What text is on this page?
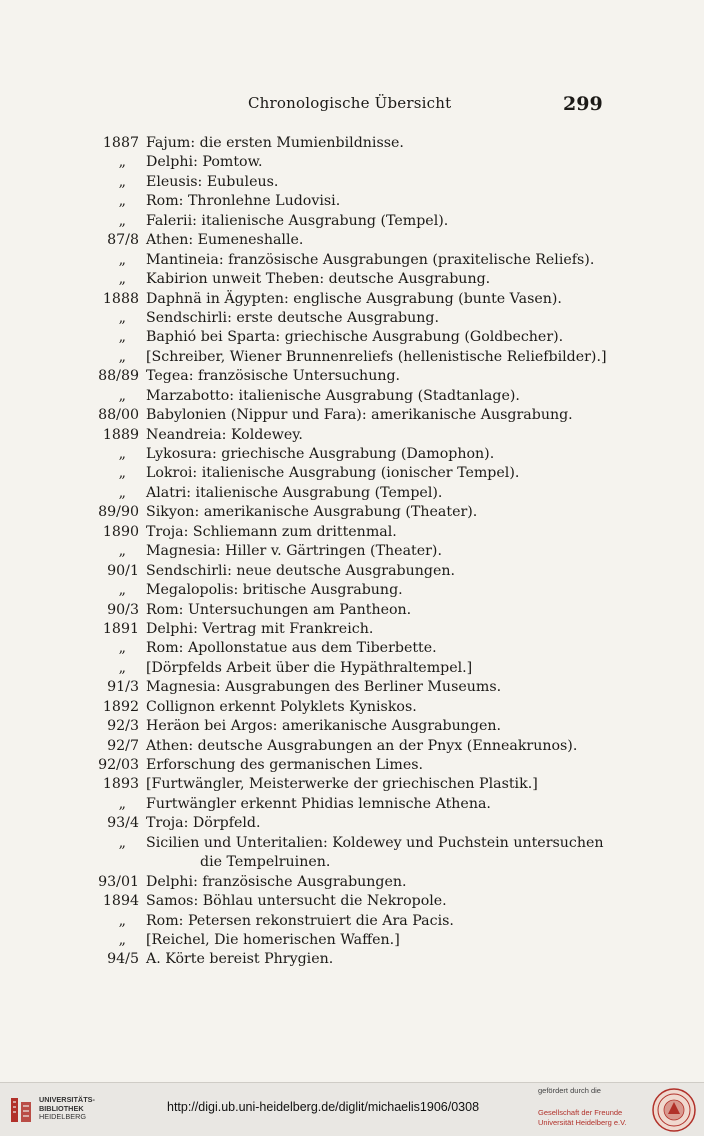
Chronologische Übersicht	299
1887 Fajum: die ersten Mumienbildnisse.
„ Delphi: Pomtow.
„ Eleusis: Eubuleus.
„ Rom: Thronlehne Ludovisi.
„ Falerii: italienische Ausgrabung (Tempel).
87/8 Athen: Eumeneshalle.
„ Mantineia: französische Ausgrabungen (praxitelische Reliefs).
„ Kabirion unweit Theben: deutsche Ausgrabung.
1888 Daphnä in Ägypten: englische Ausgrabung (bunte Vasen).
„ Sendschirli: erste deutsche Ausgrabung.
„ Baphió bei Sparta: griechische Ausgrabung (Goldbecher).
„ [Schreiber, Wiener Brunnenreliefs (hellenistische Reliefbilder).]
88/89 Tegea: französische Untersuchung.
„ Marzabotto: italienische Ausgrabung (Stadtanlage).
88/00 Babylonien (Nippur und Fara): amerikanische Ausgrabung.
1889 Neandreia: Koldewey.
„ Lykosura: griechische Ausgrabung (Damophon).
„ Lokroi: italienische Ausgrabung (ionischer Tempel).
„ Alatri: italienische Ausgrabung (Tempel).
89/90 Sikyon: amerikanische Ausgrabung (Theater).
1890 Troja: Schliemann zum drittenmal.
„ Magnesia: Hiller v. Gärtringen (Theater).
90/1 Sendschirli: neue deutsche Ausgrabungen.
„ Megalopolis: britische Ausgrabung.
90/3 Rom: Untersuchungen am Pantheon.
1891 Delphi: Vertrag mit Frankreich.
„ Rom: Apollonstatue aus dem Tiberbette.
„ [Dörpfelds Arbeit über die Hypäthraltempel.]
91/3 Magnesia: Ausgrabungen des Berliner Museums.
1892 Collignon erkennt Polyklets Kyniskos.
92/3 Heräon bei Argos: amerikanische Ausgrabungen.
92/7 Athen: deutsche Ausgrabungen an der Pnyx (Enneakrunos).
92/03 Erforschung des germanischen Limes.
1893 [Furtwängler, Meisterwerke der griechischen Plastik.]
„ Furtwängler erkennt Phidias lemnische Athena.
93/4 Troja: Dörpfeld.
„ Sicilien und Unteritalien: Koldewey und Puchstein untersuchen
die Tempelruinen.
93/01 Delphi: französische Ausgrabungen.
1894 Samos: Böhlau untersucht die Nekropole.
„ Rom: Petersen rekonstruiert die Ara Pacis.
„ [Reichel, Die homerischen Waffen.]
94/5 A. Körte bereist Phrygien.
UNIVERSITÄTS-
BIBLIOTHEK
HEIDELBERG
http://digi.ub.uni-heidelberg.de/diglit/michaelis1906/0308
gefördert durch die
Gesellschaft der Freunde
Universität Heidelberg e.V.
